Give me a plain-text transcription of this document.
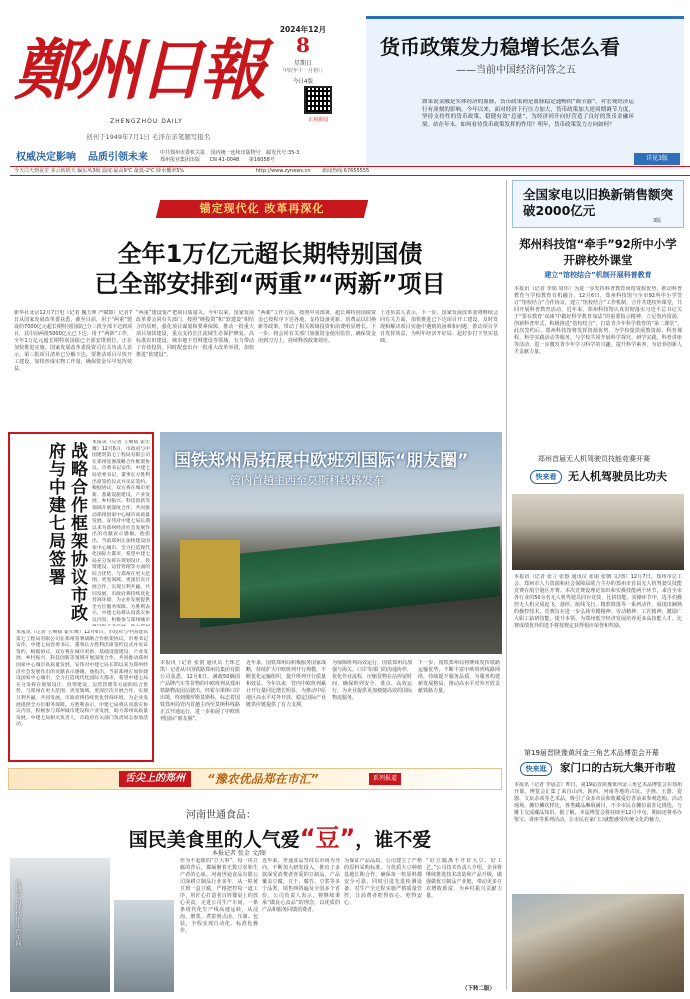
鄭州日報
ZHENGZHOU DAILY
创刊于1949年7月1日 毛泽东亲笔题写报名
2024年12月
8
星期日
甲辰年十一月初八
今日4版
正观新闻
中共郑州市委机关报 国内统一连续出版物号 邮发代号:35-3
郑州报业集团出版 CN 41-0048 第16058号
权威决定影响 品质引领未来
货币政策发力稳增长怎么看
——当前中国经济问答之五
如果说金融是实体经济的血脉，货币政策则是血脉稳定通畅的“调节器”。对宏观经济运行有深刻的影响。今年以来，面对经济下行压力加大，货币政策加大逆周期调节力度，坚持支持性的货币政策，稳健有效“总量”，为经济回升向好营造了良好的货币金融环境。站在年末，如何看待货币政策发挥的作用？明年，货币政策发力方向如何？
详见3版
今天白天到夜里 多云转阴天 偏东风3级 温度:最高9℃ 最低-2℃ 降水概率5%	http://www.zynews.cn 新闻热线:67655555
锚定现代化 改革再深化
全年1万亿元超长期特别国债
已全部安排到“两重”“两新”项目
新华社北京12月7日电（记者 魏玉坤 严赋憬）记者7日从国家发展改革委获悉，截至目前，用于“两重”建设的7000亿元超长期特别国债已分三批全部下达到项目，其中前两批5000亿元已下达；用于“两新”工作，全年1万亿元超长期特别国债已全部安排到位，正在加快推进实施。国家发展改革委投资司有关负责人表示，第三批项目清单已分解下达，要推动项目尽快开工建设，加快形成实物工作量，确保资金尽早发挥效益。
“两重”建设要严把项目质量关。今年以来，国家发展改革委会同有关部门，按照“硬投资”和“软建设”相结合的原则，强化项目谋划和要素保障，推动一批重大项目加快建设，重点支持长江流域生态保护修复、高标准农田建设、城市地下管网建设等领域，有力带动了有效投资。同时配套出台一批重大改革举措，加快推进“软建设”。
“两新”工作方面，按照中央部署，超长期特别国债资金已按程序下达各地，支持设备更新、消费品以旧换新等政策，带动了相关领域投资和消费明显增长。下一步，将会同有关部门加强资金使用监管，确保资金用到刀刃上，持续释放政策效应。
上述负责人表示，下一步，国家发展改革委将继续会同有关方面，加快推进已下达项目开工建设，及时发现和解决项目实施中遇到的困难和问题，推动项目早日发挥效益，为明年经济开好局、起好步打下坚实基础。
战略合作框架协议市政府与中建七局签署	本报讯（记者 王赐斌 霍宏鹰）12月6日，市政府与中国建筑第七工程局有限公司在郑州签署战略合作框架协议。市委书记安伟，中建七局党委书记、董事长方胜利出席签约仪式并见证签约。根据协议，双方将在城市更新、基础设施建设、产业发展、乡村振兴、科技创新等领域开展深度合作，共同推动郑州国家中心城市高质量发展。安伟对中建七局长期以来为郑州经济社会发展作出的贡献表示感谢。他指出，当前郑州正加快建设国家中心城市，全力打造现代化国际大都市，希望中建七局充分发挥在规划设计、投资建设、运营管理等方面的综合优势，与郑州在更大范围、更宽领域、更深层次开展合作，实现互利共赢、共同发展。市政府将持续优化营商环境，为企业发展提供全方位服务保障。方胜利表示，中建七局将认真落实协议内容，积极参与郑州城市
本报讯（记者 王赐斌 霍宏鹰）12月6日，市政府与中国建筑第七工程局有限公司在郑州签署战略合作框架协议。市委书记安伟，中建七局党委书记、董事长方胜利出席签约仪式并见证签约。根据协议，双方将在城市更新、基础设施建设、产业发展、乡村振兴、科技创新等领域开展深度合作，共同推动郑州国家中心城市高质量发展。安伟对中建七局长期以来为郑州经济社会发展作出的贡献表示感谢。他指出，当前郑州正加快建设国家中心城市，全力打造现代化国际大都市，希望中建七局充分发挥在规划设计、投资建设、运营管理等方面的综合优势，与郑州在更大范围、更宽领域、更深层次开展合作，实现互利共赢、共同发展。市政府将持续优化营商环境，为企业发展提供全方位服务保障。方胜利表示，中建七局将认真落实协议内容，积极参与郑州城市建设和产业发展，助力郑州高质量发展。中建七局相关负责人，市政府有关部门负责同志参加活动。
国铁郑州局拓展中欧班列国际“朋友圈”
管内首趟主西至莫斯科线路发车
本报讯（记者 张倩 通讯员 王珠艺凯）记者从中国铁路郑州局集团有限公司获悉，12月6日，满载50辆国产品牌汽车等货物的中欧班列从郑州铁路物流园站驶出，经霍尔果斯口岸出境，终到俄罗斯莫斯科，标志着国铁郑州局管内首趟主西至莫斯科线路正式开通运行，进一步拓展了中欧班列国际“朋友圈”。
近年来，国铁郑州局积极服务国家战略，持续扩大中欧班列开行规模，不断优化运输组织，提升班列开行质量和效益。今年以来，管内中欧班列累计开行量同比增长明显，为推动中原地区高水平对外开放、稳定国际产业链供应链提供了有力支撑。
为保障班列高效运行，国铁郑州局加强与海关、口岸等部门的沟通协作，优化作业流程，压缩货物在站停留时间，确保班列安全、准点、高效运行，为企业提供更加便捷高效的国际物流服务。
下一步，国铁郑州局将继续发挥铁路运输优势，不断丰富中欧班列线路网络，持续提升服务品质，为服务构建新发展格局、推动高水平对外开放贡献铁路力量。
舌尖上的郑州	“豫农优品郑在市汇”	系列报道
河南世通食品：
国民美食里的人气爱“豆”，谁不爱
本报记者 张金 文/图
世通公司现代化生产车间
作为不起眼的“豆大事”，每一块豆腐的背后，都凝聚着无数豆农和生产者的心血。河南世通食品有限公司深耕豆制品行业多年，从一粒黄豆到一盒豆腐，严格把控每一道工序，用匠心打造老百姓餐桌上的放心美食。走进公司生产车间，一条条现代化生产线高速运转，从浸泡、磨浆、煮浆到点卤、压制、包装，全程实现自动化、标准化操作。
近年来，世通食品坚持以市场为导向，不断加大研发投入，推出了多款深受消费者喜爱的豆制品，产品覆盖豆腐、豆干、腐竹、豆浆等多个品类，销售网络遍及全国多个省份。公司负责人表示，将继续秉承“做良心食品”的理念，以优质的产品和服务回馈消费者。
为保证产品品质，公司建立了严格的原料采购标准，与优质大豆种植基地长期合作，确保每一粒原料都安全可靠。同时引进先进检测设备，对生产全过程实施严格质量管控，让消费者吃得放心、吃得安心。
“好豆腐离不开好大豆、好工艺。”公司技术负责人介绍，企业将继续推进技术改造和产品升级，做强做优豆制品产业链，带动更多豆农增收致富，为乡村振兴贡献力量。
（下转二版）
全国家电以旧换新销售额突破2000亿元
3版
郑州科技馆“牵手”92所中小学开辟校外课堂
建立“馆校结合”机制开展科普教育
本报讯（记者 李娟 周伟）为进一步发挥科普教育场馆资源优势，推动科普教育与学校教育有机融合，12月6日，郑州科技馆与全市92所中小学签订“馆校结合”合作协议，建立“馆校结合”工作机制，合作共建校外课堂，共同开展科普教育活动。近年来，郑州科技馆认真贯彻落实习近平总书记关于“要在教育‘双减’中做好科学教育加法”的重要指示精神，立足馆内资源，创新科普形式，积极推进“馆校结合”，打造青少年科学教育的“第二课堂”。此次签约后，郑州科技馆将发挥资源优势，为学校提供展教资源、科普课程、科学实践活动等服务，与学校共同开展科学探究、研学实践、科普讲座等活动，进一步激发青少年学习科学的兴趣，提升科学素养，为培养创新人才贡献力量。
郑州首届无人机驾驶员技能竞赛开赛
快来看	无人机驾驶员比功夫
本报讯（记者 张立 张惠 通讯员 张丽 张朝 文/图）12月7日，郑州市总工会、郑州市人力资源和社会保障局联合主办的郑州市首届无人机驾驶员技能竞赛在航空港区开赛。本次竞赛设理论知识和实操技能两个环节，来自全市各行业的50余名无人机驾驶员同台竞技，比拼技能。实操环节中，选手们操控无人机完成起飞、悬停、航线飞行、精准降落等一系列动作，展现出娴熟的操控技术。竞赛旨在进一步弘扬劳模精神、劳动精神、工匠精神，激励广大职工钻研技能、提升本领，为郑州低空经济发展培养更多高技能人才。比赛成绩优异的选手将按规定获得相应荣誉和奖励。
第19届晋陕豫黄河金三角艺术品博览会开幕
快来逛	家门口的古玩大集开市啦
本报讯（记者 李晨芸）昨日，第19届晋陕豫黄河金三角艺术品博览会在郑州开幕。博览会汇集了来自山西、陕西、河南等地的古玩、字画、玉器、瓷器、文玩杂项等艺术品，吸引了众多市民和收藏爱好者前来参观选购。活动现场，摊位鳞次栉比，各类藏品琳琅满目，不少市民在摊位前驻足挑选，与摊主交流藏品知识。据了解，本届博览会将持续至12月中旬，期间还将举办鉴宝、讲座等系列活动，让市民在家门口就能感受传统文化的魅力。
